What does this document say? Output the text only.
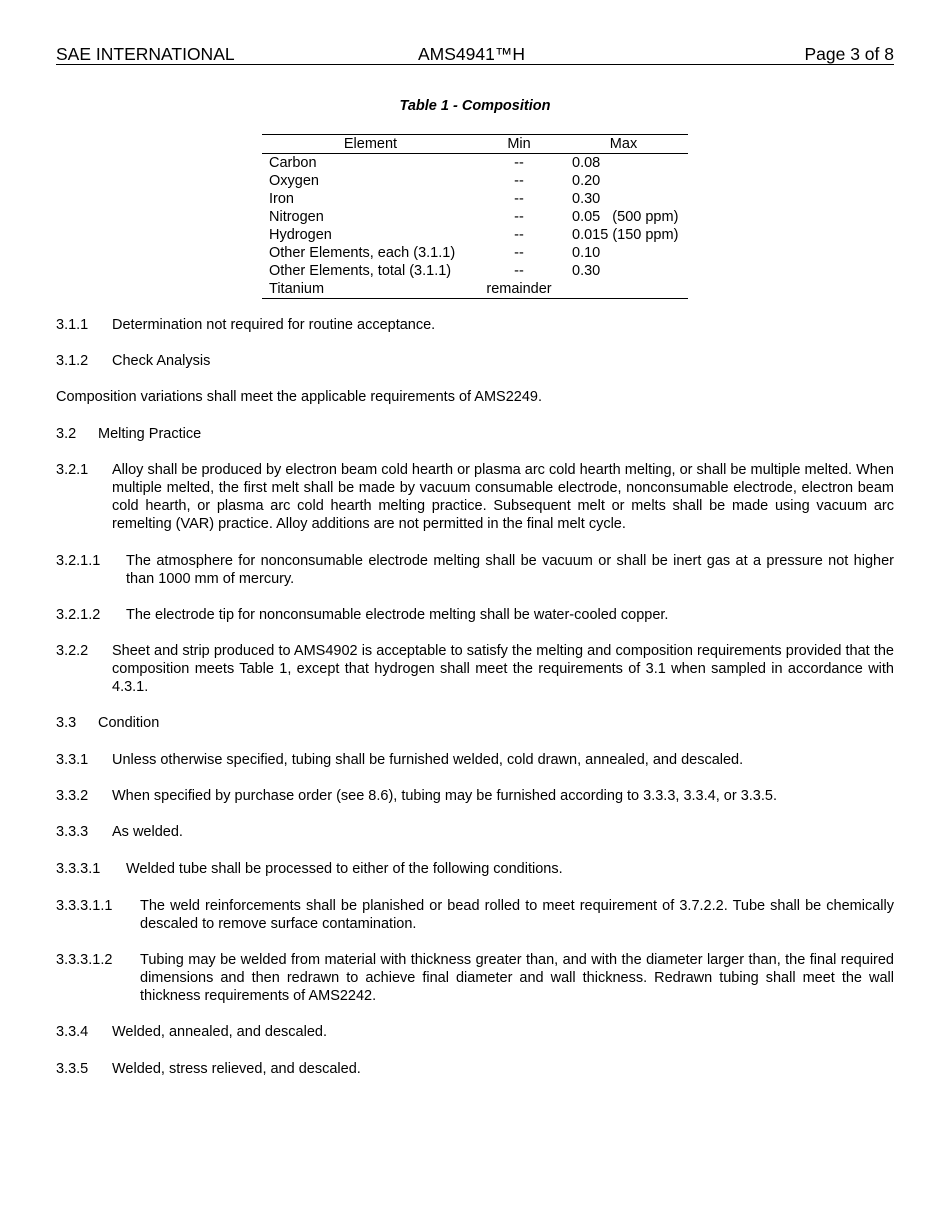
SAE INTERNATIONAL	AMS4941™H	Page 3 of 8
Table 1 - Composition
Element	Min	Max
Carbon	--	0.08
Oxygen	--	0.20
Iron	--	0.30
Nitrogen	--	0.05   (500 ppm)
Hydrogen	--	0.015 (150 ppm)
Other Elements, each (3.1.1)	--	0.10
Other Elements, total (3.1.1)	--	0.30
Titanium	remainder	
3.1.1 Determination not required for routine acceptance.
3.1.2 Check Analysis
Composition variations shall meet the applicable requirements of AMS2249.
3.2 Melting Practice
3.2.1 Alloy shall be produced by electron beam cold hearth or plasma arc cold hearth melting, or shall be multiple melted. When multiple melted, the first melt shall be made by vacuum consumable electrode, nonconsumable electrode, electron beam cold hearth, or plasma arc cold hearth melting practice. Subsequent melt or melts shall be made using vacuum arc remelting (VAR) practice. Alloy additions are not permitted in the final melt cycle.
3.2.1.1 The atmosphere for nonconsumable electrode melting shall be vacuum or shall be inert gas at a pressure not higher than 1000 mm of mercury.
3.2.1.2 The electrode tip for nonconsumable electrode melting shall be water-cooled copper.
3.2.2 Sheet and strip produced to AMS4902 is acceptable to satisfy the melting and composition requirements provided that the composition meets Table 1, except that hydrogen shall meet the requirements of 3.1 when sampled in accordance with 4.3.1.
3.3 Condition
3.3.1 Unless otherwise specified, tubing shall be furnished welded, cold drawn, annealed, and descaled.
3.3.2 When specified by purchase order (see 8.6), tubing may be furnished according to 3.3.3, 3.3.4, or 3.3.5.
3.3.3 As welded.
3.3.3.1 Welded tube shall be processed to either of the following conditions.
3.3.3.1.1 The weld reinforcements shall be planished or bead rolled to meet requirement of 3.7.2.2. Tube shall be chemically descaled to remove surface contamination.
3.3.3.1.2 Tubing may be welded from material with thickness greater than, and with the diameter larger than, the final required dimensions and then redrawn to achieve final diameter and wall thickness. Redrawn tubing shall meet the wall thickness requirements of AMS2242.
3.3.4 Welded, annealed, and descaled.
3.3.5 Welded, stress relieved, and descaled.
